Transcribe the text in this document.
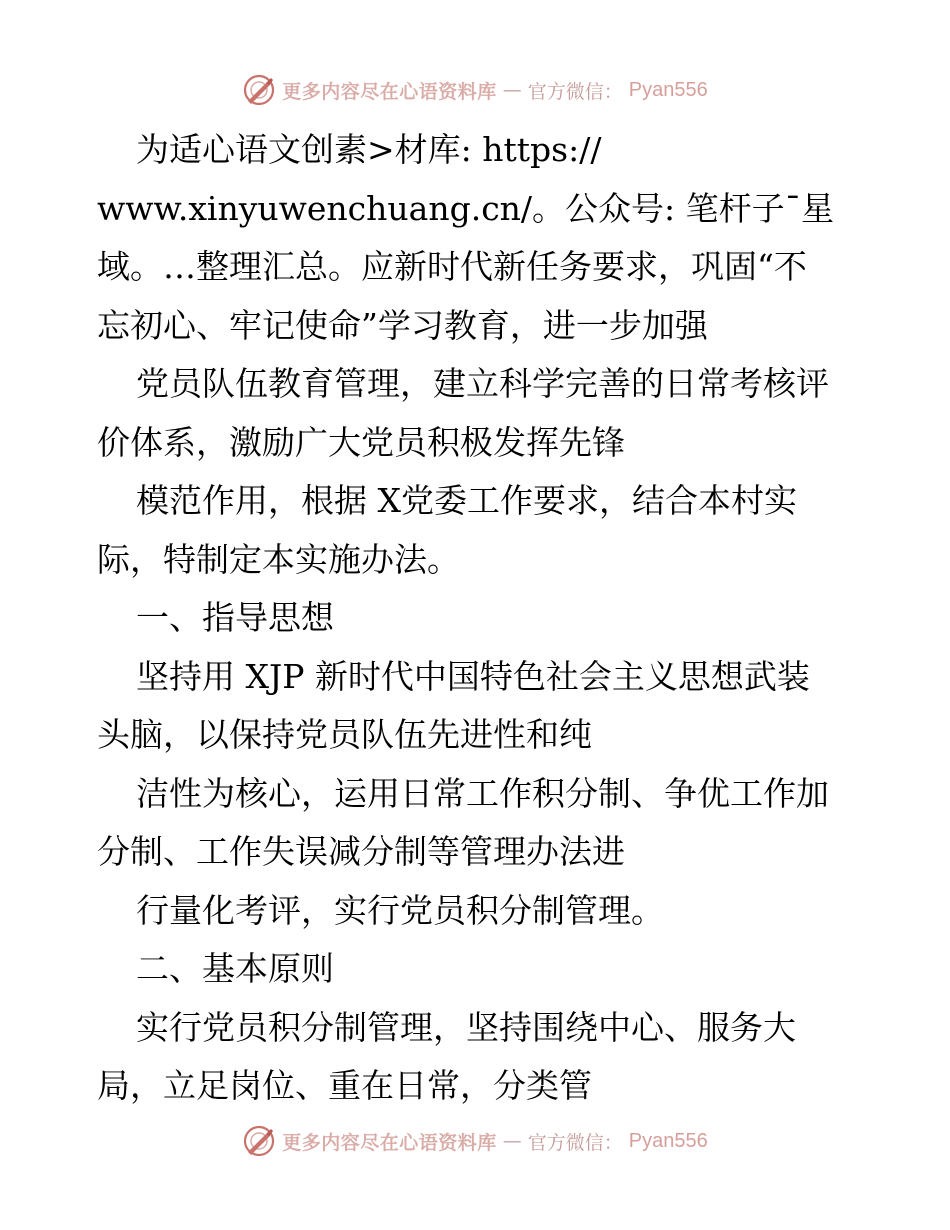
更多内容尽在心语资料库 — 官方微信： Pyan556
为适心语文创素>材库: https://
www.xinyuwenchuang.cn/。公众号: 笔杆子¯星
域。…整理汇总。应新时代新任务要求，巩固“不
忘初心、牢记使命”学习教育，进一步加强
党员队伍教育管理，建立科学完善的日常考核评
价体系，激励广大党员积极发挥先锋
模范作用，根据 X党委工作要求，结合本村实
际，特制定本实施办法。
一、指导思想
坚持用 XJP 新时代中国特色社会主义思想武装
头脑，以保持党员队伍先进性和纯
洁性为核心，运用日常工作积分制、争优工作加
分制、工作失误减分制等管理办法进
行量化考评，实行党员积分制管理。
二、基本原则
实行党员积分制管理，坚持围绕中心、服务大
局，立足岗位、重在日常，分类管
更多内容尽在心语资料库 — 官方微信： Pyan556
